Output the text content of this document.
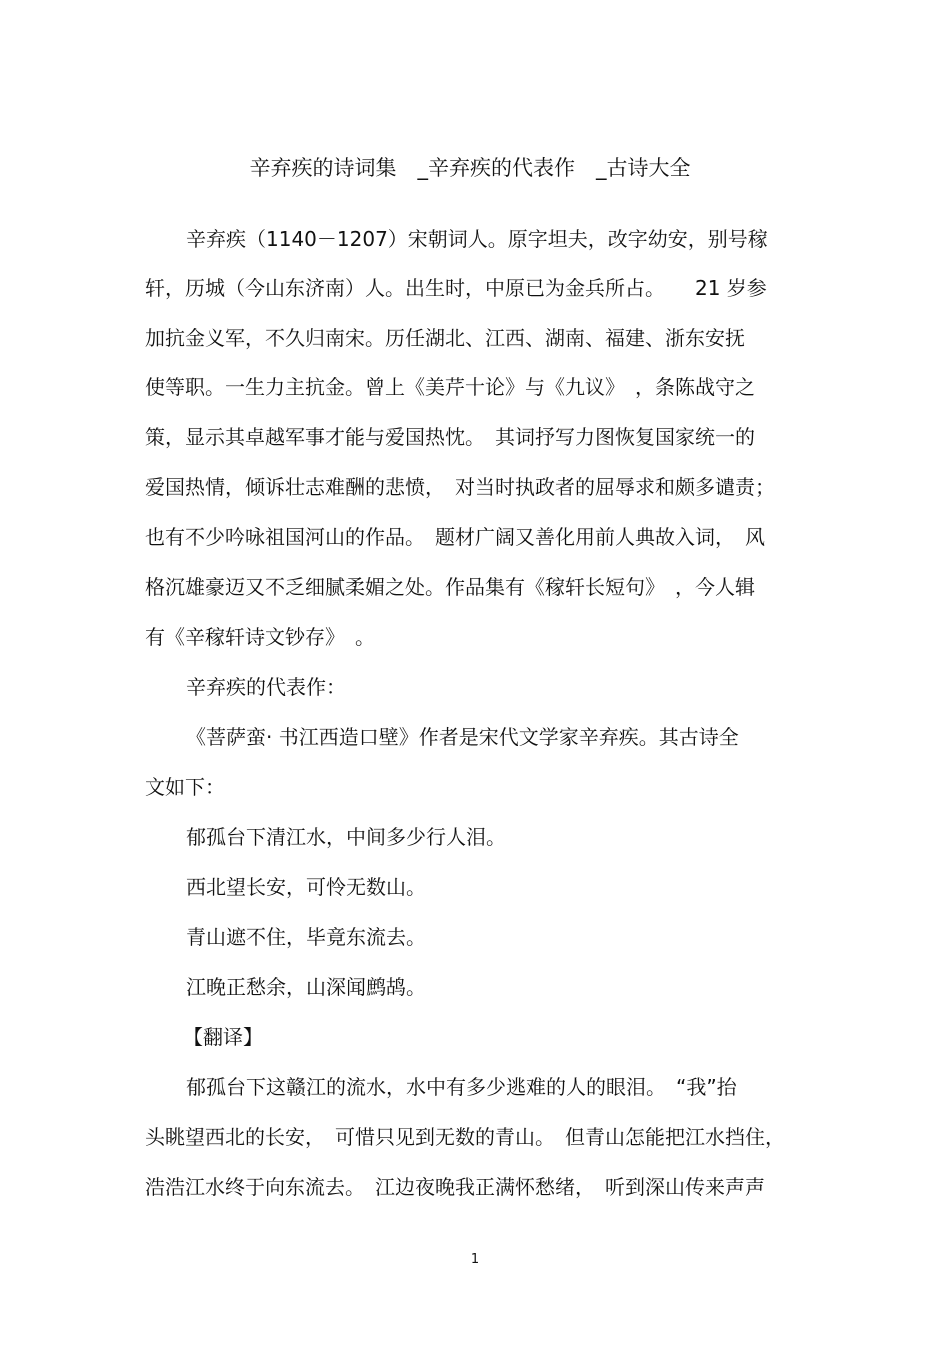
辛弃疾的诗词集　_辛弃疾的代表作　_古诗大全
辛弃疾（1140－1207）宋朝词人。原字坦夫，改字幼安，别号稼
轩，历城（今山东济南）人。出生时，中原已为金兵所占。　　21 岁参
加抗金义军，不久归南宋。历任湖北、江西、湖南、福建、浙东安抚
使等职。一生力主抗金。曾上《美芹十论》与《九议》　，条陈战守之
策，显示其卓越军事才能与爱国热忱。　其词抒写力图恢复国家统一的
爱国热情，倾诉壮志难酬的悲愤，　对当时执政者的屈辱求和颇多谴责；
也有不少吟咏祖国河山的作品。　题材广阔又善化用前人典故入词，　风
格沉雄豪迈又不乏细腻柔媚之处。作品集有《稼轩长短句》　，今人辑
有《辛稼轩诗文钞存》　。
辛弃疾的代表作：
《菩萨蛮· 书江西造口壁》作者是宋代文学家辛弃疾。其古诗全
文如下：
郁孤台下清江水，中间多少行人泪。
西北望长安，可怜无数山。
青山遮不住，毕竟东流去。
江晚正愁余，山深闻鹧鸪。
【翻译】
郁孤台下这赣江的流水，水中有多少逃难的人的眼泪。　“我”抬
头眺望西北的长安，　可惜只见到无数的青山。　但青山怎能把江水挡住，
浩浩江水终于向东流去。　江边夜晚我正满怀愁绪，　听到深山传来声声
1
